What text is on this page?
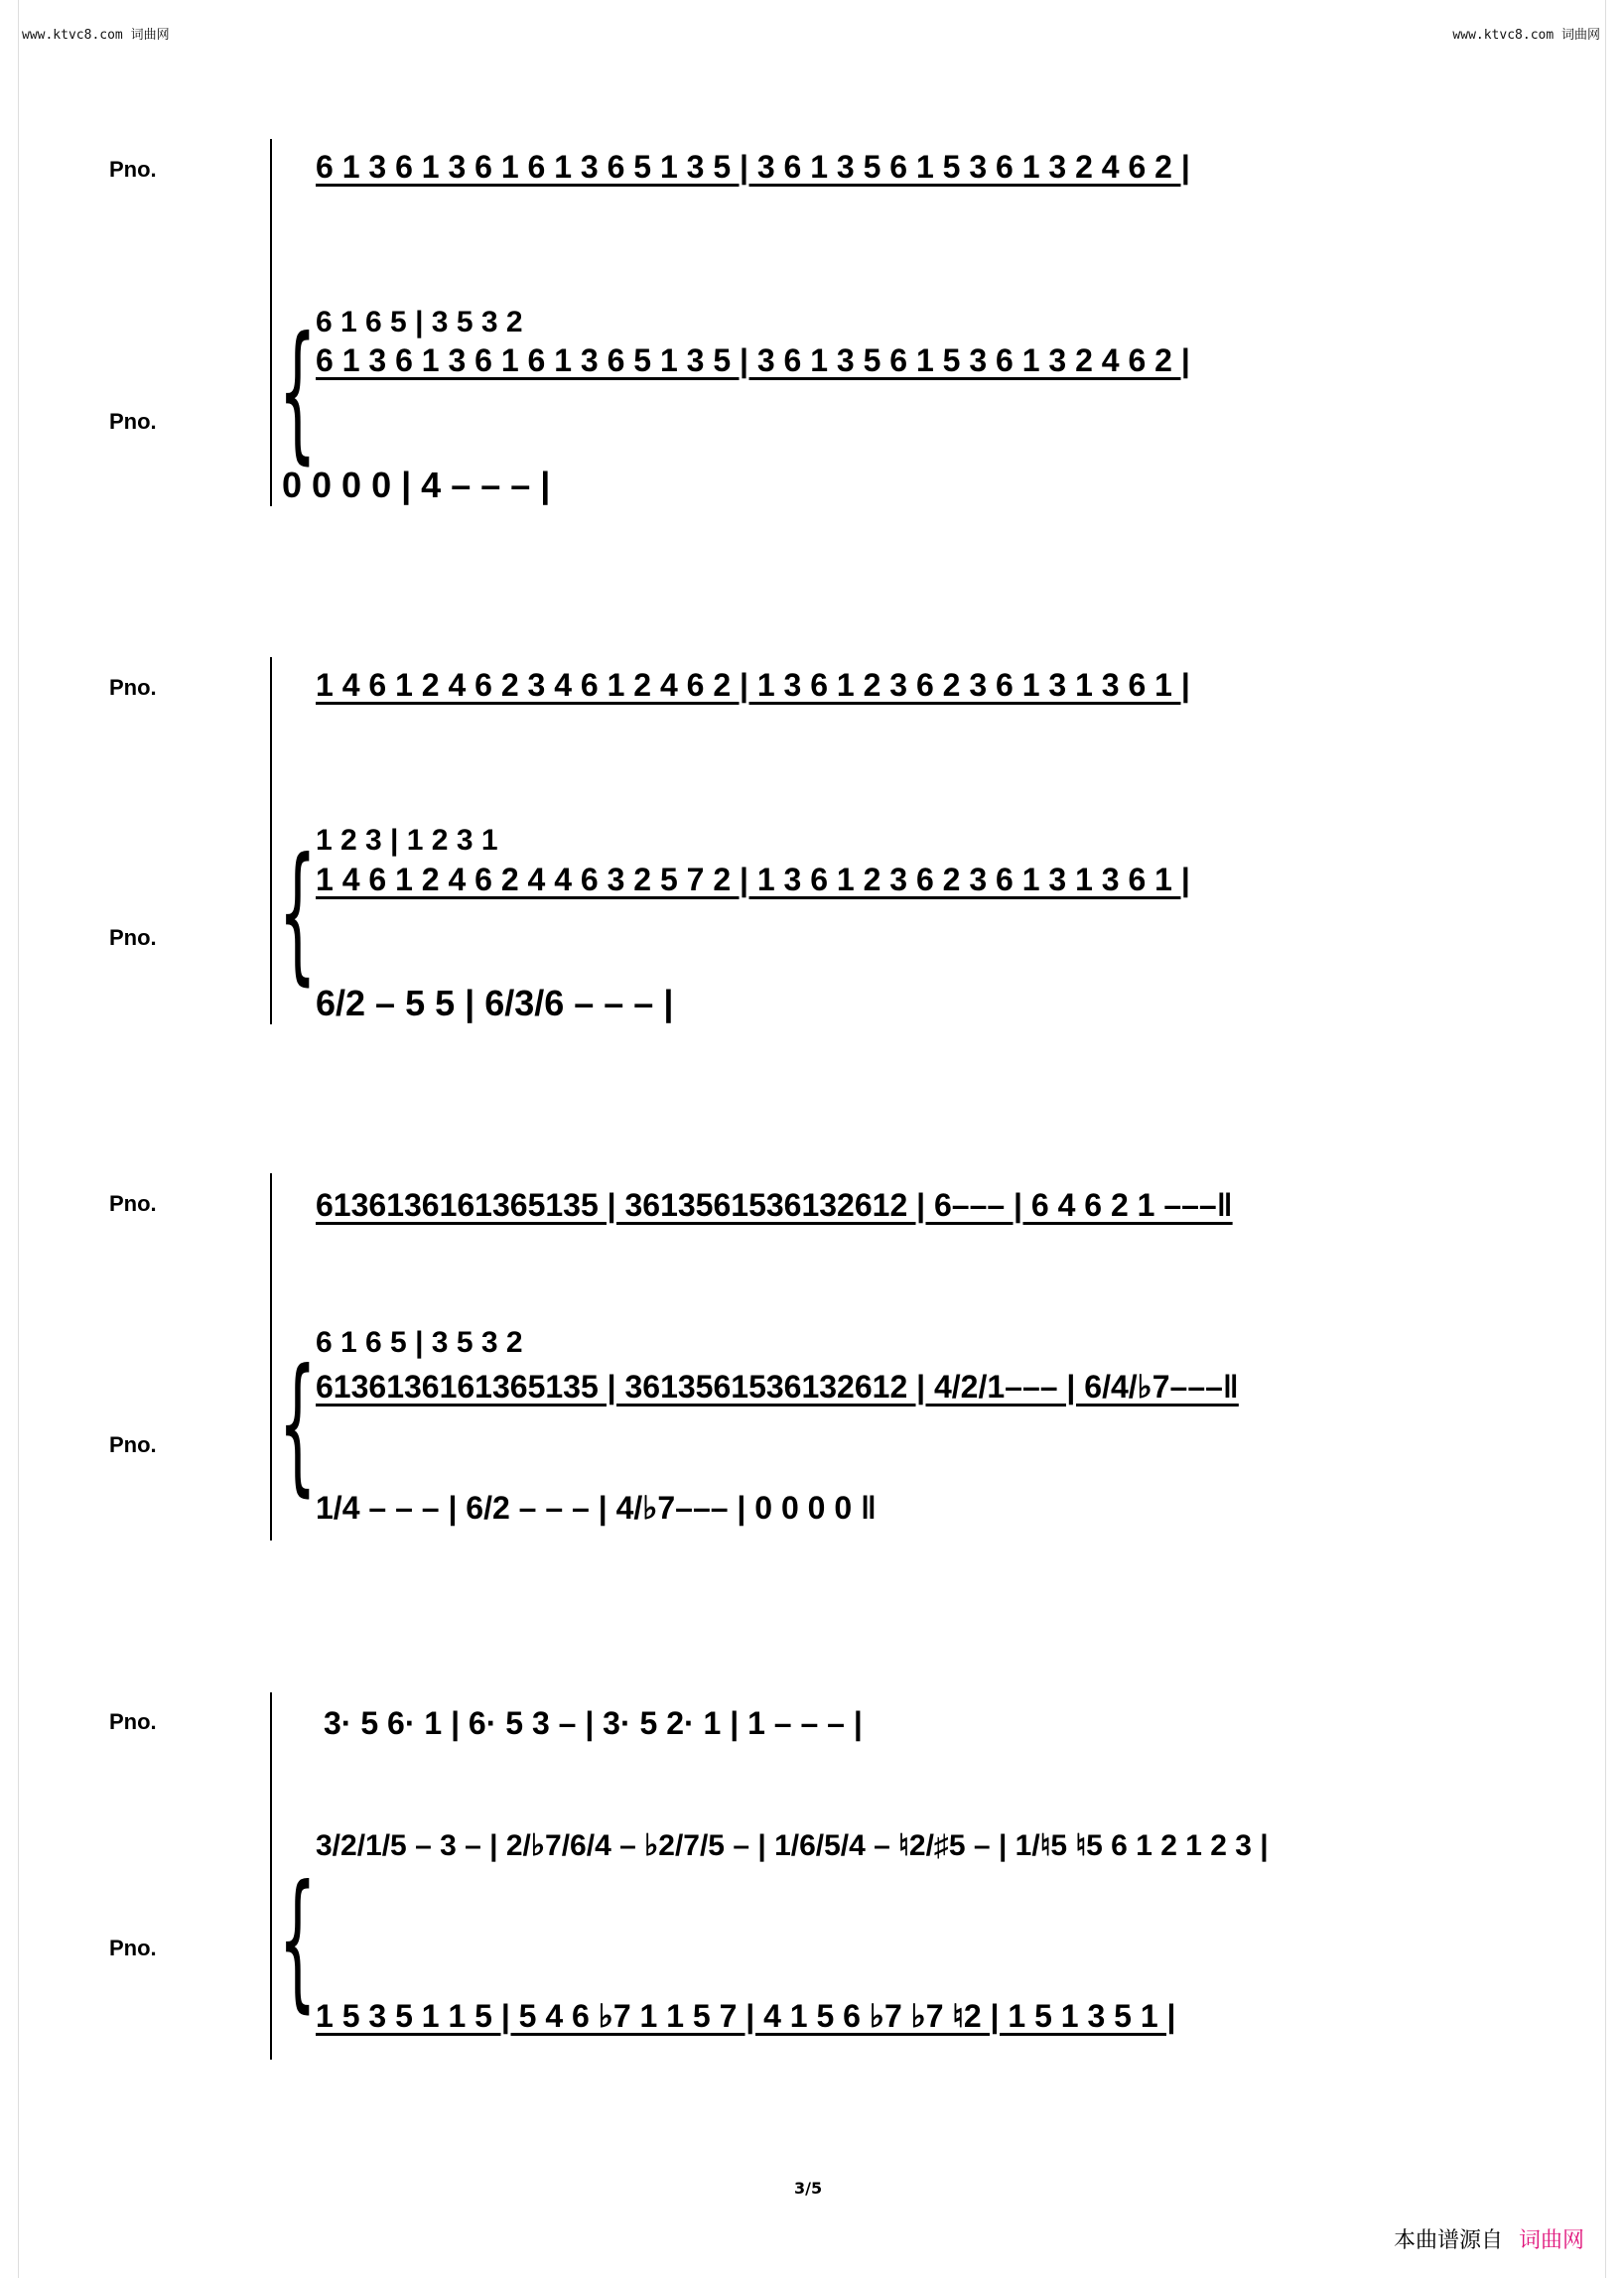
www.ktvc8.com 词曲网	www.ktvc8.com 词曲网
Pno.
Pno. {
6 1 3 6 1 3 6 1 6 1 3 6 5 1 3 5 | 3 6 1 3 5 6 1 5 3 6 1 3 2 4 6 2 |
6 1 6 5 | 3 5 3 2
6 1 3 6 1 3 6 1 6 1 3 6 5 1 3 5 | 3 6 1 3 5 6 1 5 3 6 1 3 2 4 6 2 |
0 0 0 0 | 4 – – – |
Pno.
Pno. {
1 4 6 1 2 4 6 2 3 4 6 1 2 4 6 2 | 1 3 6 1 2 3 6 2 3 6 1 3 1 3 6 1 |
1 2 3 | 1 2 3 1
1 4 6 1 2 4 6 2 4 4 6 3 2 5 7 2 | 1 3 6 1 2 3 6 2 3 6 1 3 1 3 6 1 |
6/2 – 5 5 | 6/3/6 – – – |
Pno.
Pno. {
6136136161365135 | 3613561536132612 | 6––– | 6 4 6 2 1 –––‖
6 1 6 5 | 3 5 3 2
6136136161365135 | 3613561536132612 | 4/2/1––– | 6/4/♭7–––‖
1/4 – – – | 6/2 – – – | 4/♭7––– | 0 0 0 0 ‖
Pno.
Pno. {
3· 5 6· 1 | 6· 5 3 – | 3· 5 2· 1 | 1 – – – |
3/2/1/5 – 3 – | 2/♭7/6/4 – ♭2/7/5 – | 1/6/5/4 – ♮2/♯5 – | 1/♮5 ♮5 6 1 2 1 2 3 |
1 5 3 5 1 1 5 | 5 4 6 ♭7 1 1 5 7 | 4 1 5 6 ♭7 ♭7 ♮2 | 1 5 1 3 5 1 |
3/5
本曲谱源自 词曲网
